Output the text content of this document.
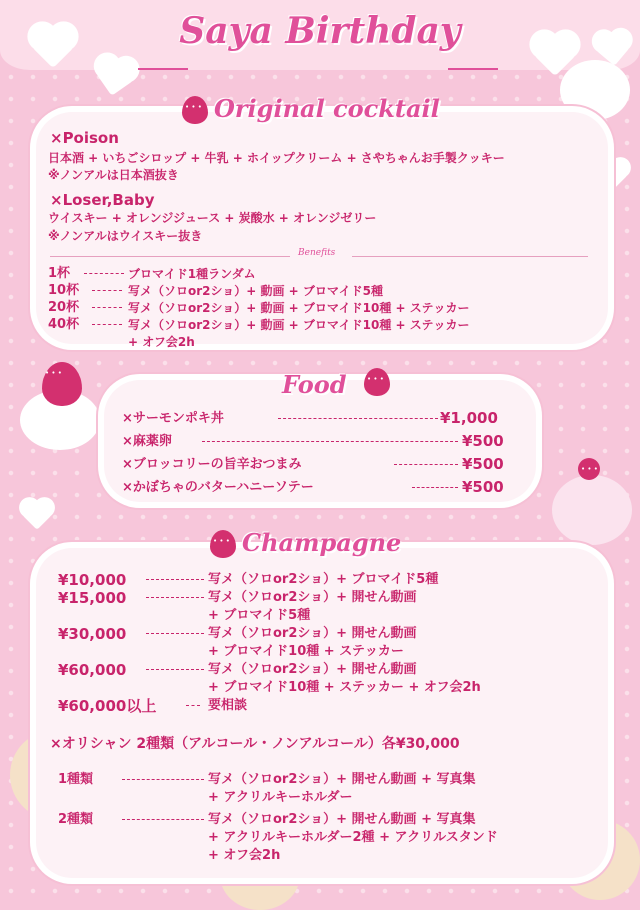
• • •
• • •
Saya Birthday
• • •
Original cocktail
×Poison
日本酒 + いちごシロップ + 牛乳 + ホイップクリーム + さやちゃんお手製クッキー
※ノンアルは日本酒抜き
×Loser,Baby
ウイスキー + オレンジジュース + 炭酸水 + オレンジゼリー
※ノンアルはウイスキー抜き
Benefits
1杯	ブロマイド1種ランダム
10杯	写メ（ソロor2ショ）+ 動画 + ブロマイド5種
20杯	写メ（ソロor2ショ）+ 動画 + ブロマイド10種 + ステッカー
40杯	写メ（ソロor2ショ）+ 動画 + ブロマイド10種 + ステッカー
+ オフ会2h
Food
• • •
×サーモンポキ丼	¥1,000
×麻薬卵	¥500
×ブロッコリーの旨辛おつまみ	¥500
×かぼちゃのバターハニーソテー	¥500
• • •
Champagne
¥10,000	写メ（ソロor2ショ）+ ブロマイド5種
¥15,000	写メ（ソロor2ショ）+ 開せん動画
+ ブロマイド5種
¥30,000	写メ（ソロor2ショ）+ 開せん動画
+ ブロマイド10種 + ステッカー
¥60,000	写メ（ソロor2ショ）+ 開せん動画
+ ブロマイド10種 + ステッカー + オフ会2h
¥60,000以上	要相談
×オリシャン 2種類（アルコール・ノンアルコール）各¥30,000
1種類	写メ（ソロor2ショ）+ 開せん動画 + 写真集
+ アクリルキーホルダー
2種類	写メ（ソロor2ショ）+ 開せん動画 + 写真集
+ アクリルキーホルダー2種 + アクリルスタンド
+ オフ会2h
